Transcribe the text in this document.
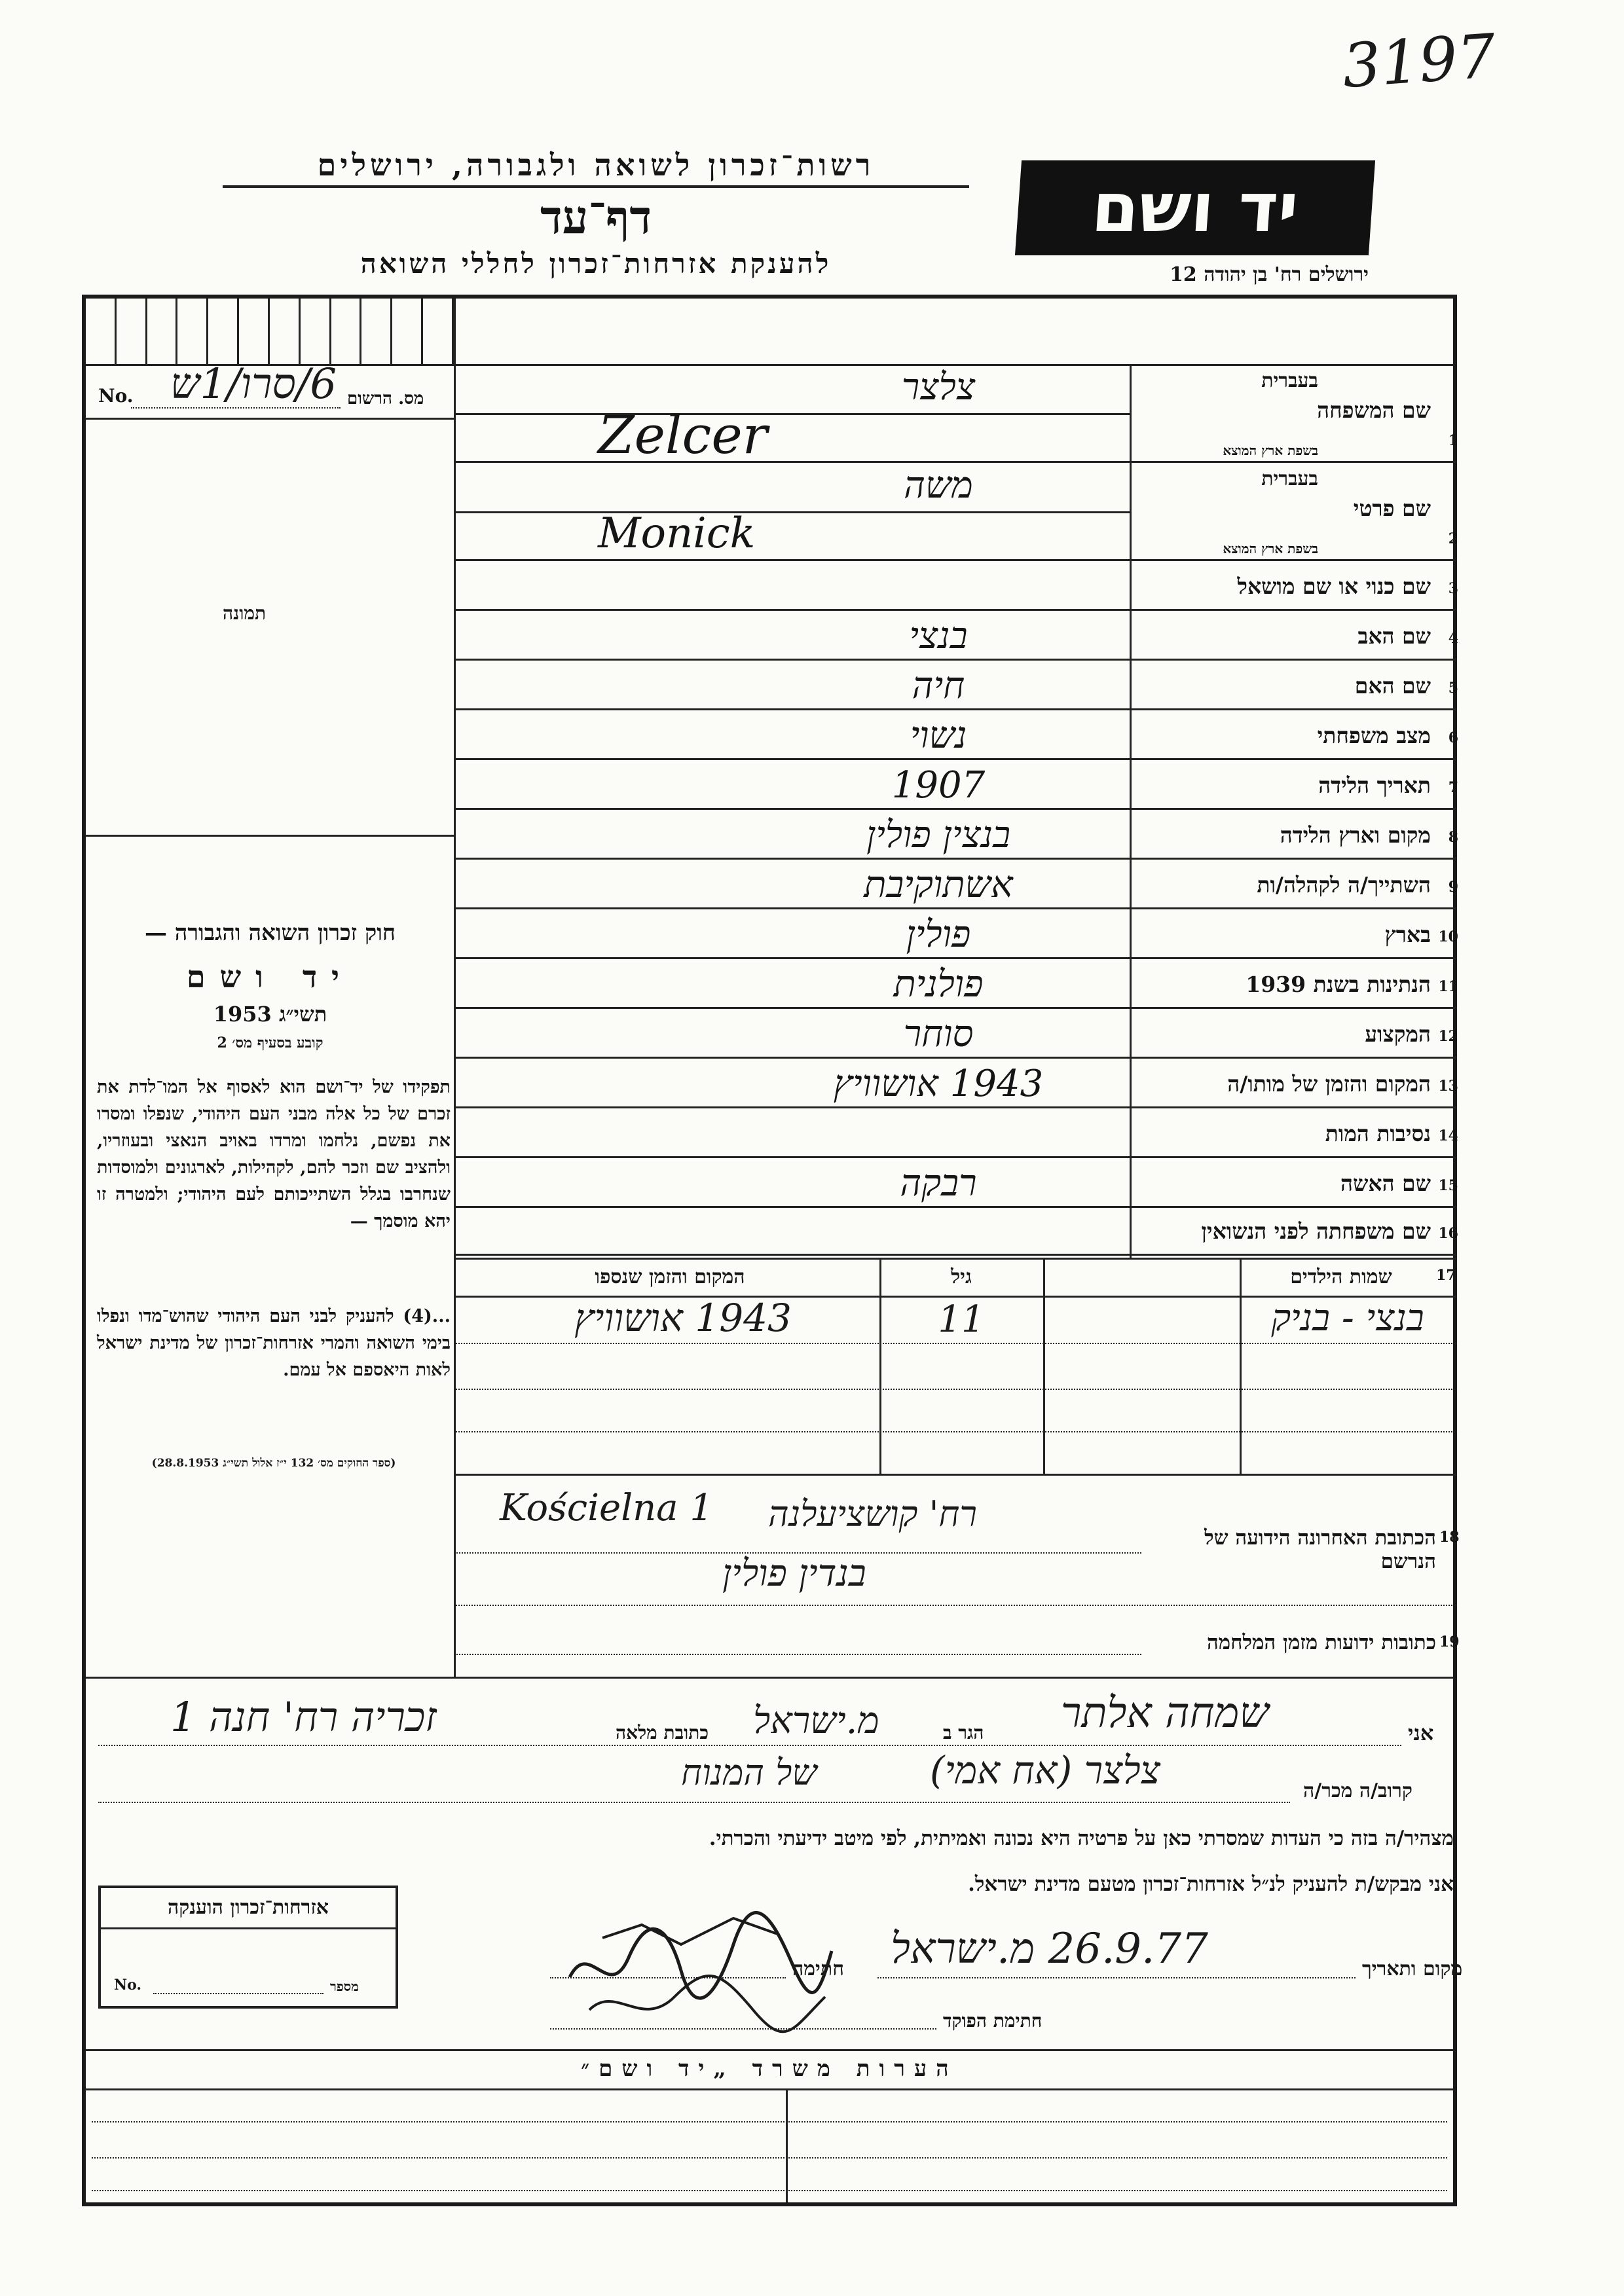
3197
רשות־זכרון לשואה ולגבורה, ירושלים
דף־עד
להענקת אזרחות־זכרון לחללי השואה
יד ושם
ירושלים רח' בן יהודה 12
No. 6/סרו/1ש מס. הרשום
תמונה
חוק זכרון השואה והגבורה —
יד ושם
תשי״ג 1953
קובע בסעיף מס׳ 2
תפקידו של יד־ושם הוא לאסוף אל המו־לדת את זכרם של כל אלה מבני העם היהודי, שנפלו ומסרו את נפשם, נלחמו ומרדו באויב הנאצי ובעוזריו, ולהציב שם וזכר להם, לקהילות, לארגונים ולמוסדות שנחרבו בגלל השתייכותם לעם היהודי; ולמטרה זו יהא מוסמך —
...(4) להעניק לבני העם היהודי שהוש־מדו ונפלו בימי השואה והמרי אזרחות־זכרון של מדינת ישראל לאות היאספם אל עמם.
(ספר החוקים מס׳ 132 י״ז אלול תשי״ג 28.8.1953)
1
שם המשפחה
בעברית
בשפת ארץ המוצא
Zelcer
צלצר
2
שם פרטי
בעברית
בשפת ארץ המוצא
Monick
משה
3
שם כנוי או שם מושאל
4
שם האב
בנצי
5
שם האם
חיה
6
מצב משפחתי
נשוי
7
תאריך הלידה
1907
8
מקום וארץ הלידה
בנצין פולין
9
השתייך/ה לקהלה/ות
אשתוקיבת
10
בארץ
פולין
11
הנתינות בשנת 1939
פולנית
12
המקצוע
סוחר
13
המקום והזמן של מותו/ה
1943 אושוויץ
14
נסיבות המות
15
שם האשה
רבקה
16
שם משפחתה לפני הנשואין
שמות הילדים	17
גיל
המקום והזמן שנספו
בנצי - בניק
11
1943 אושוויץ
הכתובת האחרונה הידועה של הנרשם
18
Kościelna 1 רח' קושציעלנה
בנדין פולין
כתובות ידועות מזמן המלחמה 19
אני
שמחה אלתר
הגר ב
מ.ישראל
כתובת מלאה
זכריה רח' חנה 1
קרוב/ה מכר/ה
צלצר (אח אמי)
של המנוח
מצהיר/ה בזה כי העדות שמסרתי כאן על פרטיה היא נכונה ואמיתית, לפי מיטב ידיעתי והכרתי.
אני מבקש/ת להעניק לנ״ל אזרחות־זכרון מטעם מדינת ישראל.
אזרחות־זכרון הוענקה
No.	מספר
מקום ותאריך
26.9.77 מ.ישראל
חתימה
חתימת הפוקד
הערות משרד „יד ושם״
